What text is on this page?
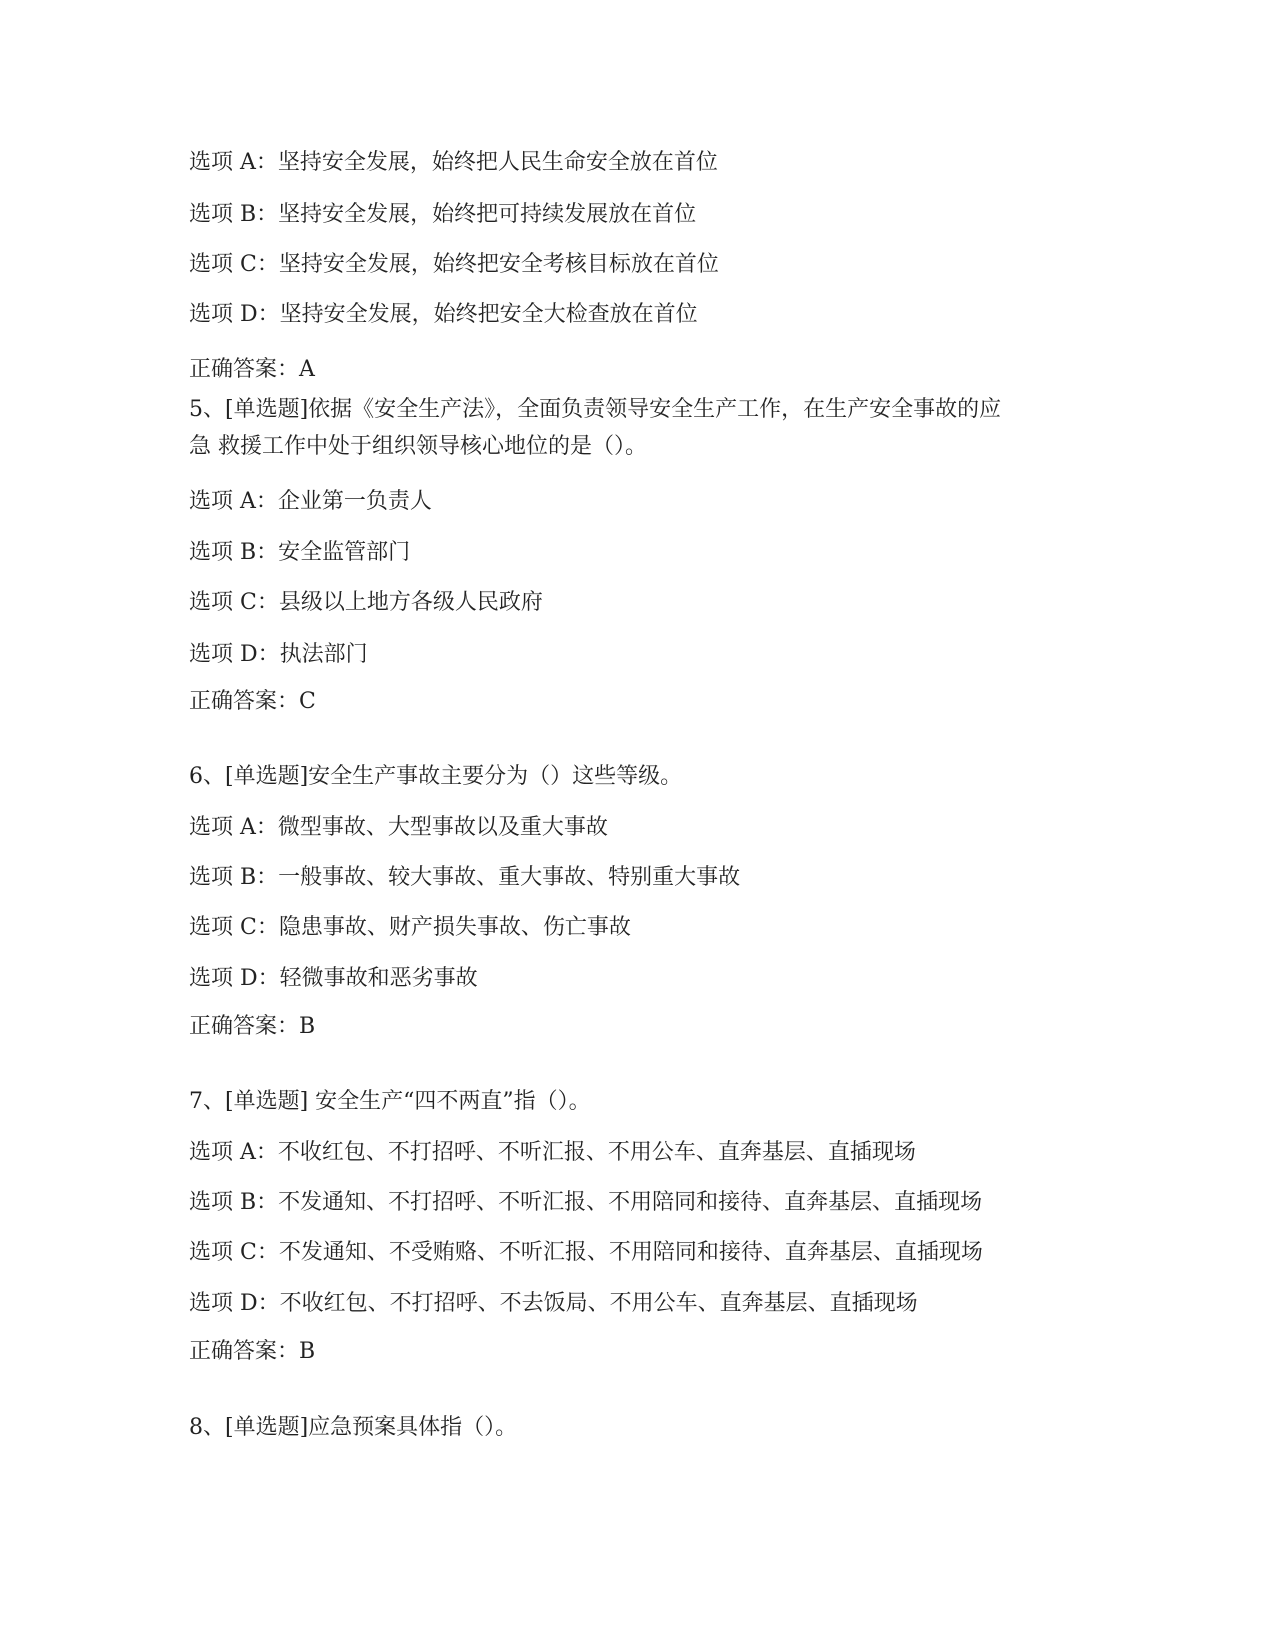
选项 A：坚持安全发展，始终把人民生命安全放在首位
选项 B：坚持安全发展，始终把可持续发展放在首位
选项 C：坚持安全发展，始终把安全考核目标放在首位
选项 D：坚持安全发展，始终把安全大检查放在首位
正确答案：A
5、[单选题]依据《安全生产法》，全面负责领导安全生产工作，在生产安全事故的应
急 救援工作中处于组织领导核心地位的是（）。
选项 A：企业第一负责人
选项 B：安全监管部门
选项 C：县级以上地方各级人民政府
选项 D：执法部门
正确答案：C
6、[单选题]安全生产事故主要分为（）这些等级。
选项 A：微型事故、大型事故以及重大事故
选项 B：一般事故、较大事故、重大事故、特别重大事故
选项 C：隐患事故、财产损失事故、伤亡事故
选项 D：轻微事故和恶劣事故
正确答案：B
7、[单选题] 安全生产“四不两直”指（）。
选项 A：不收红包、不打招呼、不听汇报、不用公车、直奔基层、直插现场
选项 B：不发通知、不打招呼、不听汇报、不用陪同和接待、直奔基层、直插现场
选项 C：不发通知、不受贿赂、不听汇报、不用陪同和接待、直奔基层、直插现场
选项 D：不收红包、不打招呼、不去饭局、不用公车、直奔基层、直插现场
正确答案：B
8、[单选题]应急预案具体指（）。
